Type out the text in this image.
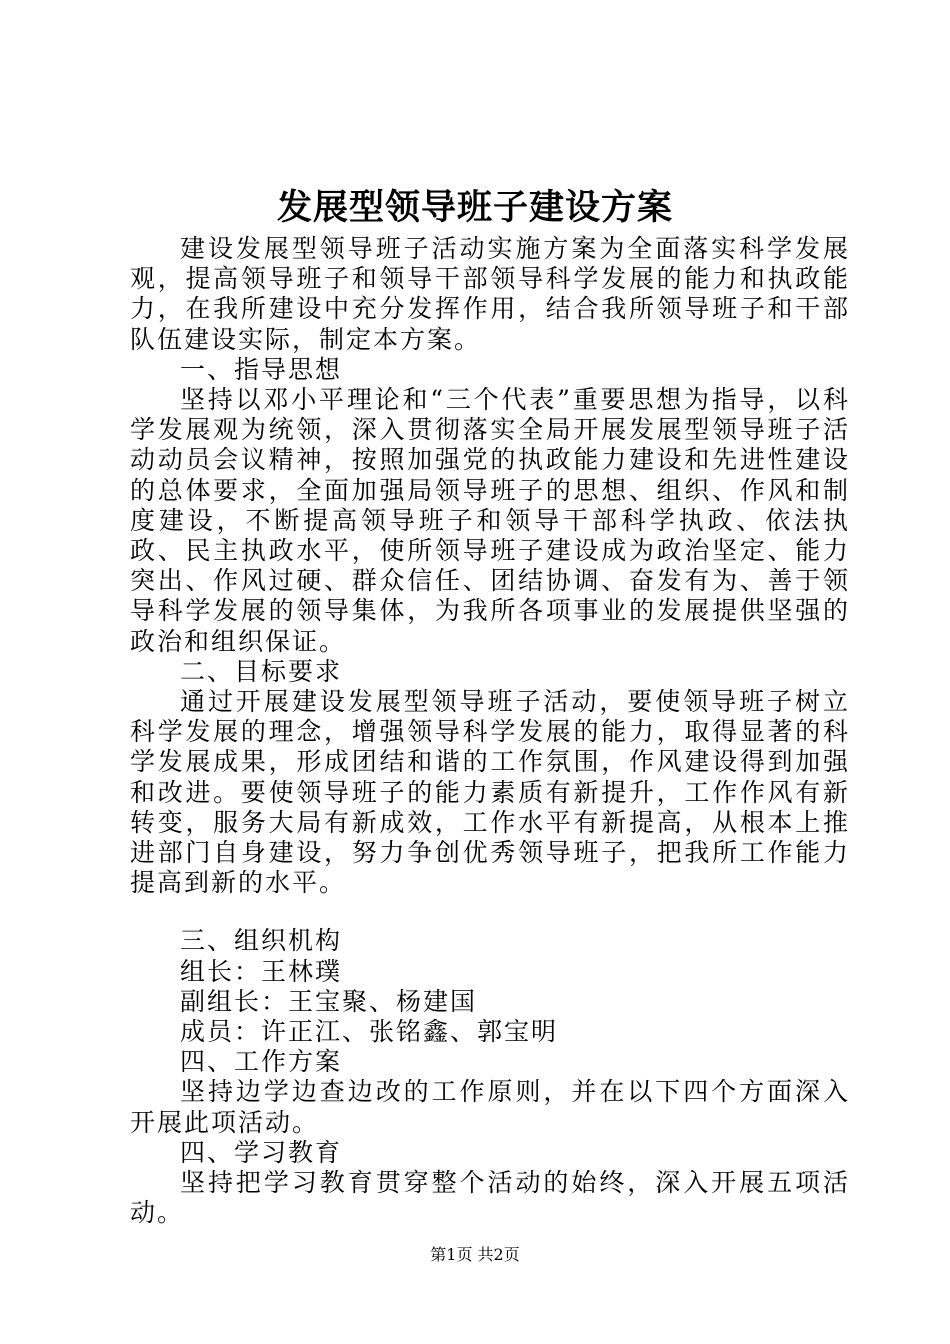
发展型领导班子建设方案

建设发展型领导班子活动实施方案为全面落实科学发展观，提高领导班子和领导干部领导科学发展的能力和执政能力，在我所建设中充分发挥作用，结合我所领导班子和干部队伍建设实际，制定本方案。

一、指导思想

坚持以邓小平理论和“三个代表”重要思想为指导，以科学发展观为统领，深入贯彻落实全局开展发展型领导班子活动动员会议精神，按照加强党的执政能力建设和先进性建设的总体要求，全面加强局领导班子的思想、组织、作风和制度建设，不断提高领导班子和领导干部科学执政、依法执政、民主执政水平，使所领导班子建设成为政治坚定、能力突出、作风过硬、群众信任、团结协调、奋发有为、善于领导科学发展的领导集体，为我所各项事业的发展提供坚强的政治和组织保证。

二、目标要求

通过开展建设发展型领导班子活动，要使领导班子树立科学发展的理念，增强领导科学发展的能力，取得显著的科学发展成果，形成团结和谐的工作氛围，作风建设得到加强和改进。要使领导班子的能力素质有新提升，工作作风有新转变，服务大局有新成效，工作水平有新提高，从根本上推进部门自身建设，努力争创优秀领导班子，把我所工作能力提高到新的水平。

三、组织机构

组长：王林璞

副组长：王宝聚、杨建国

成员：许正江、张铭鑫、郭宝明

四、工作方案

坚持边学边查边改的工作原则，并在以下四个方面深入开展此项活动。

四、学习教育

坚持把学习教育贯穿整个活动的始终，深入开展五项活动。

第1页 共2页
